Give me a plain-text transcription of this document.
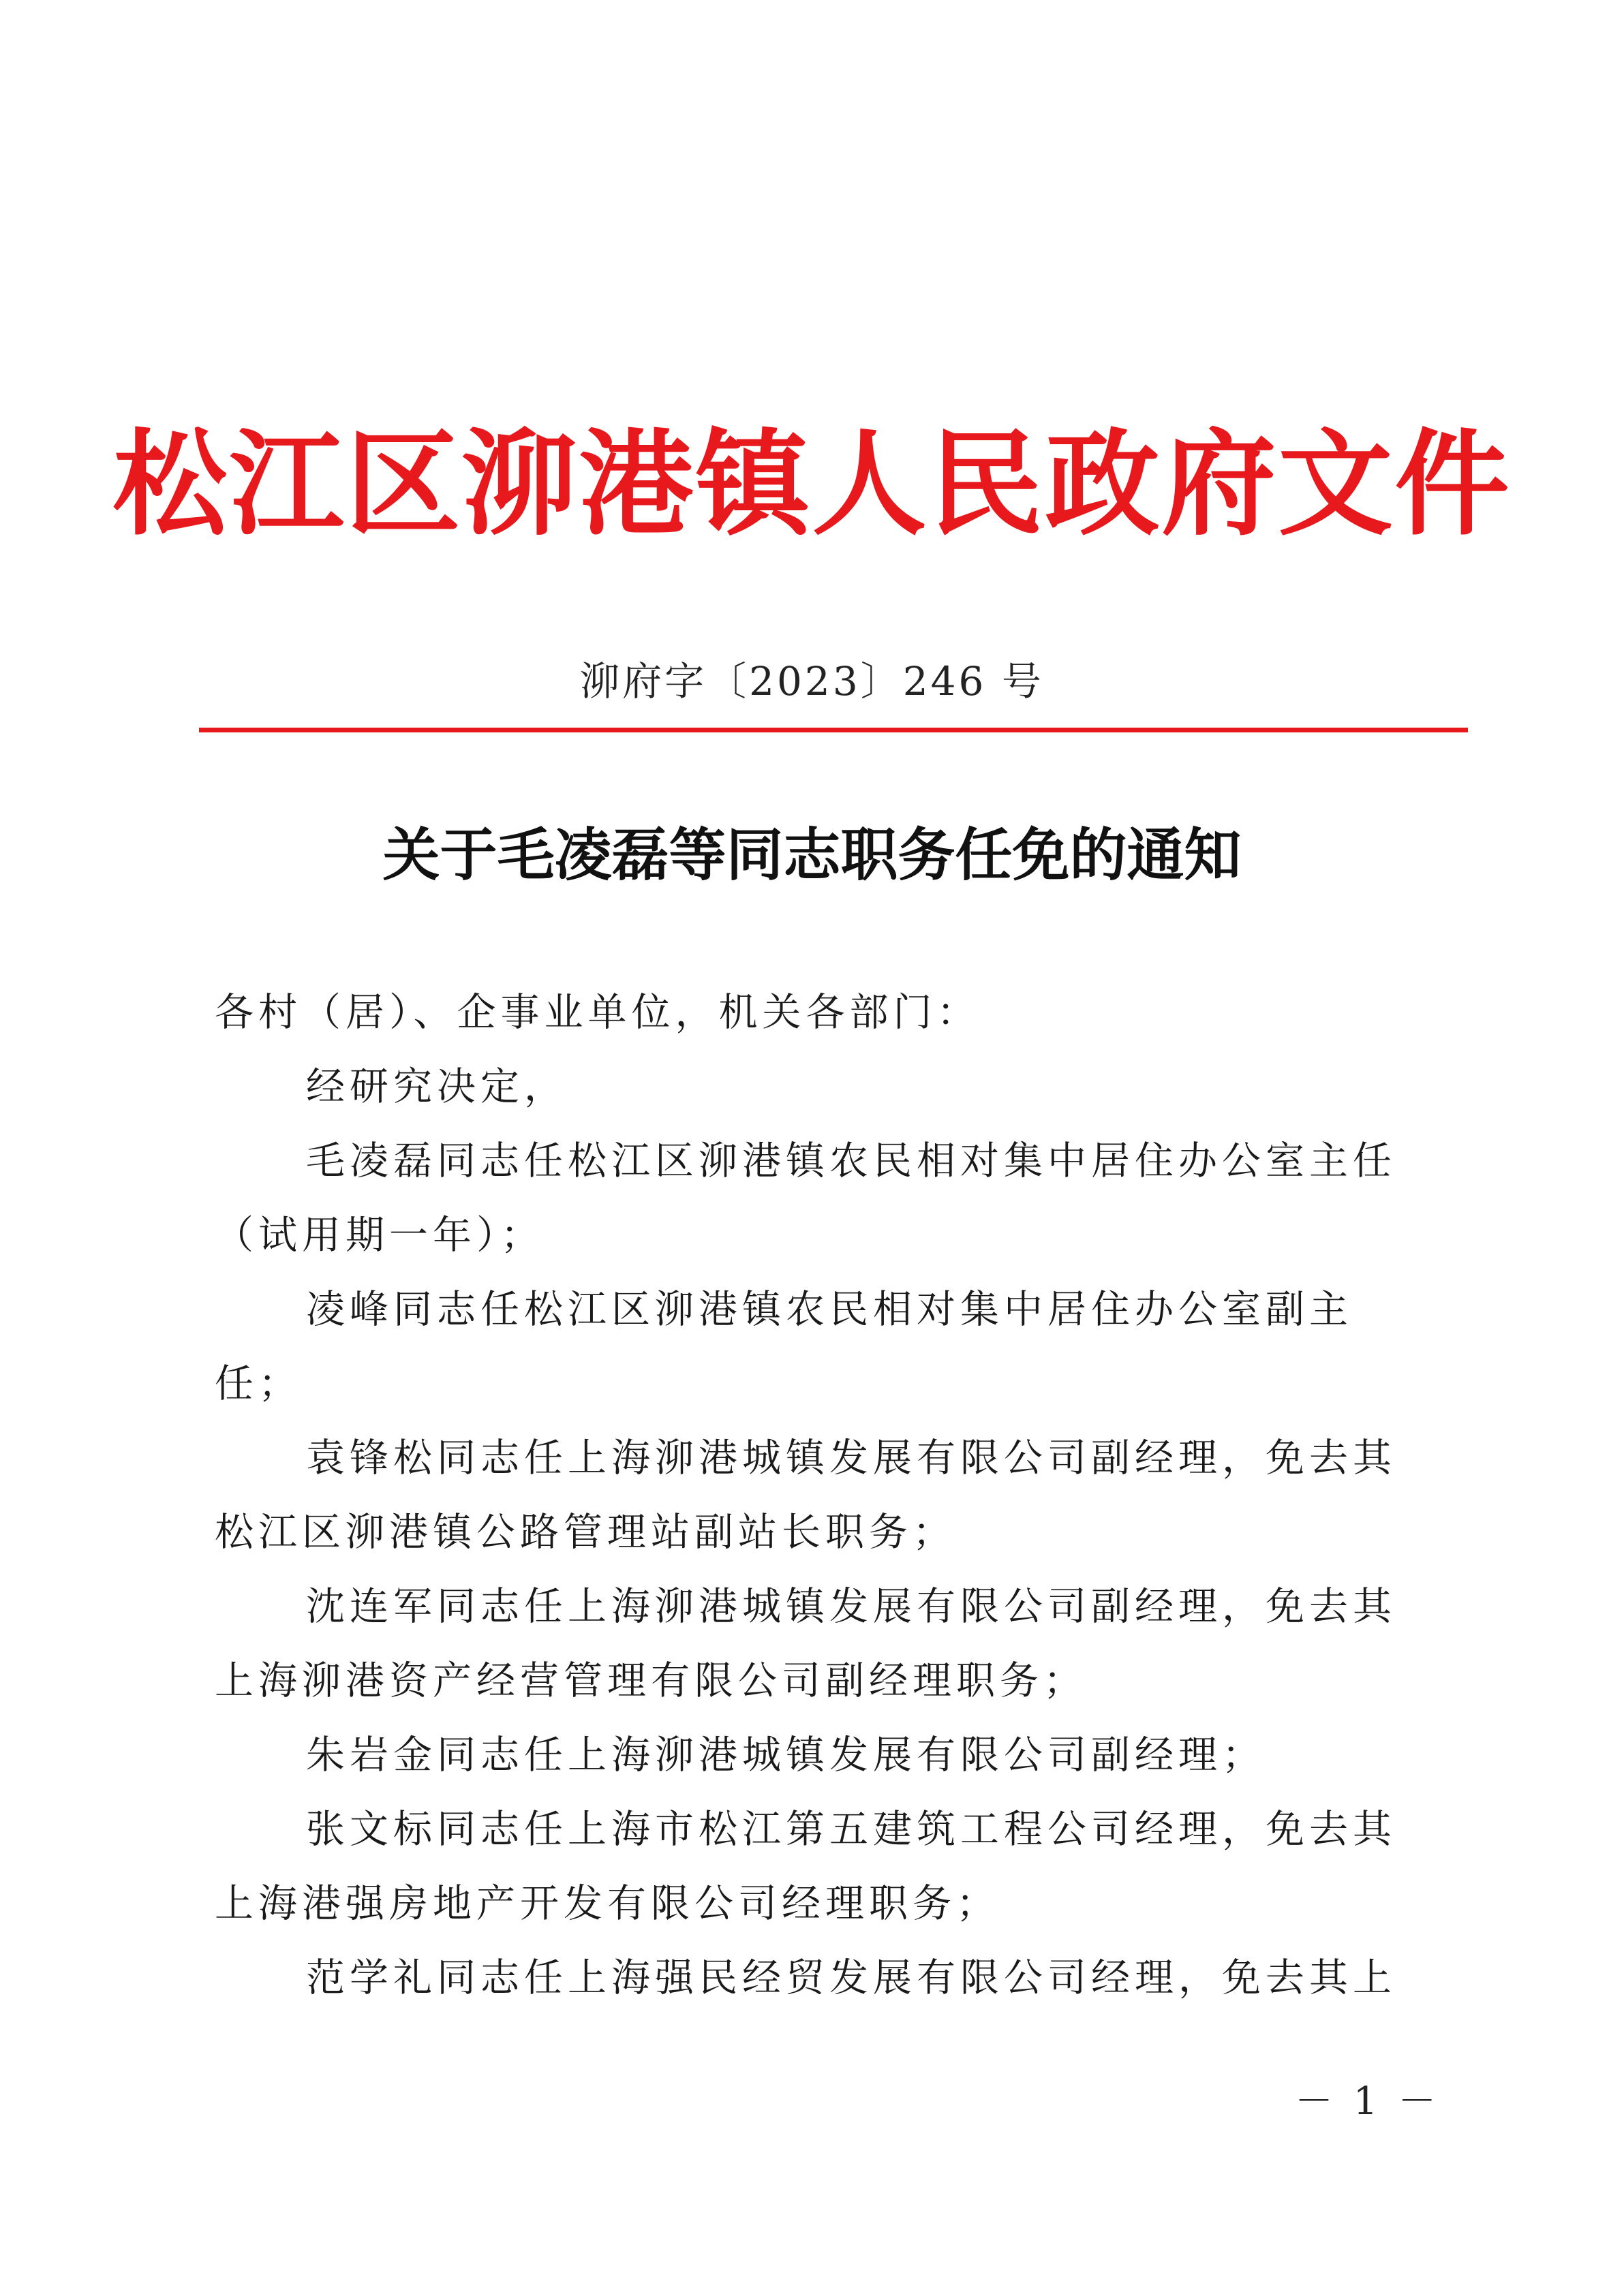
松江区泖港镇人民政府文件
泖府字〔2023〕246 号
关于毛凌磊等同志职务任免的通知

各村（居）、企事业单位，机关各部门：

经研究决定，

毛凌磊同志任松江区泖港镇农民相对集中居住办公室主任（试用期一年）；

凌峰同志任松江区泖港镇农民相对集中居住办公室副主任；

袁锋松同志任上海泖港城镇发展有限公司副经理，免去其松江区泖港镇公路管理站副站长职务；

沈连军同志任上海泖港城镇发展有限公司副经理，免去其上海泖港资产经营管理有限公司副经理职务；

朱岩金同志任上海泖港城镇发展有限公司副经理；

张文标同志任上海市松江第五建筑工程公司经理，免去其上海港强房地产开发有限公司经理职务；

范学礼同志任上海强民经贸发展有限公司经理，免去其上

－ 1 －
